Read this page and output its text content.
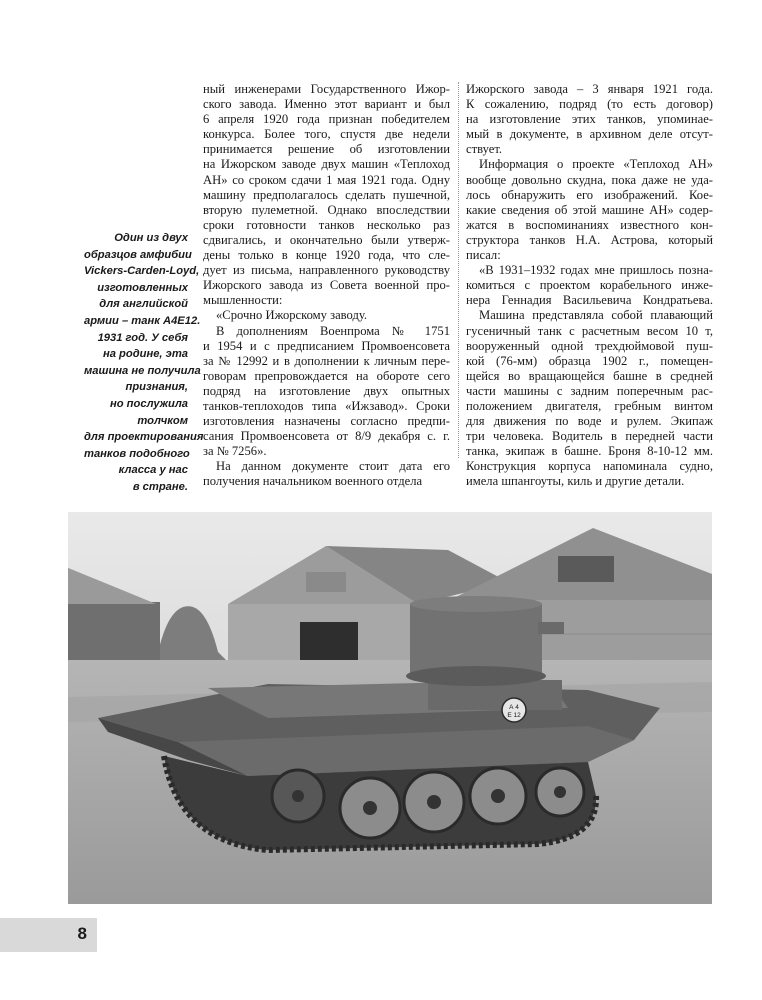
Один из двух
образцов амфибии
Vickers-Carden-Loyd,
изготовленных
для английской
армии – танк А4Е12.
1931 год. У себя
на родине, эта
машина не получила
признания,
но послужила
толчком
для проектирования
танков подобного
класса у нас
в стране.
ный инженерами Государственного Ижор-
ского завода. Именно этот вариант и был
6 апреля 1920 года признан победителем
конкурса. Более того, спустя две недели
принимается решение об изготовлении
на Ижорском заводе двух машин «Теплоход
АН» со сроком сдачи 1 мая 1921 года. Одну
машину предполагалось сделать пушечной,
вторую пулеметной. Однако впоследствии
сроки готовности танков несколько раз
сдвигались, и окончательно были утверж-
дены только в конце 1920 года, что сле-
дует из письма, направленного руководству
Ижорского завода из Совета военной про-
мышленности:
«Срочно Ижорскому заводу.
В дополнениям Военпрома № 1751
и 1954 и с предписанием Промвоенсовета
за № 12992 и в дополнении к личным пере-
говорам препровождается на обороте сего
подряд на изготовление двух опытных
танков-теплоходов типа «Ижзавод». Сроки
изготовления назначены согласно предпи-
сания Промвоенсовета от 8/9 декабря с. г.
за № 7256».
На данном документе стоит дата его
получения начальником военного отдела
Ижорского завода – 3 января 1921 года.
К сожалению, подряд (то есть договор)
на изготовление этих танков, упоминае-
мый в документе, в архивном деле отсут-
ствует.
Информация о проекте «Теплоход АН»
вообще довольно скудна, пока даже не уда-
лось обнаружить его изображений. Кое-
какие сведения об этой машине АН» содер-
жатся в воспоминаниях известного кон-
структора танков Н.А. Астрова, который
писал:
«В 1931–1932 годах мне пришлось позна-
комиться с проектом корабельного инже-
нера Геннадия Васильевича Кондратьева.
Машина представляла собой плавающий
гусеничный танк с расчетным весом 10 т,
вооруженный одной трехдюймовой пуш-
кой (76-мм) образца 1902 г., помещен-
щейся во вращающейся башне в средней
части машины с задним поперечным рас-
положением двигателя, гребным винтом
для движения по воде и рулем. Экипаж
три человека. Водитель в передней части
танка, экипаж в башне. Броня 8-10-12 мм.
Конструкция корпуса напоминала судно,
имела шпангоуты, киль и другие детали.
А 4
Е 12
8
